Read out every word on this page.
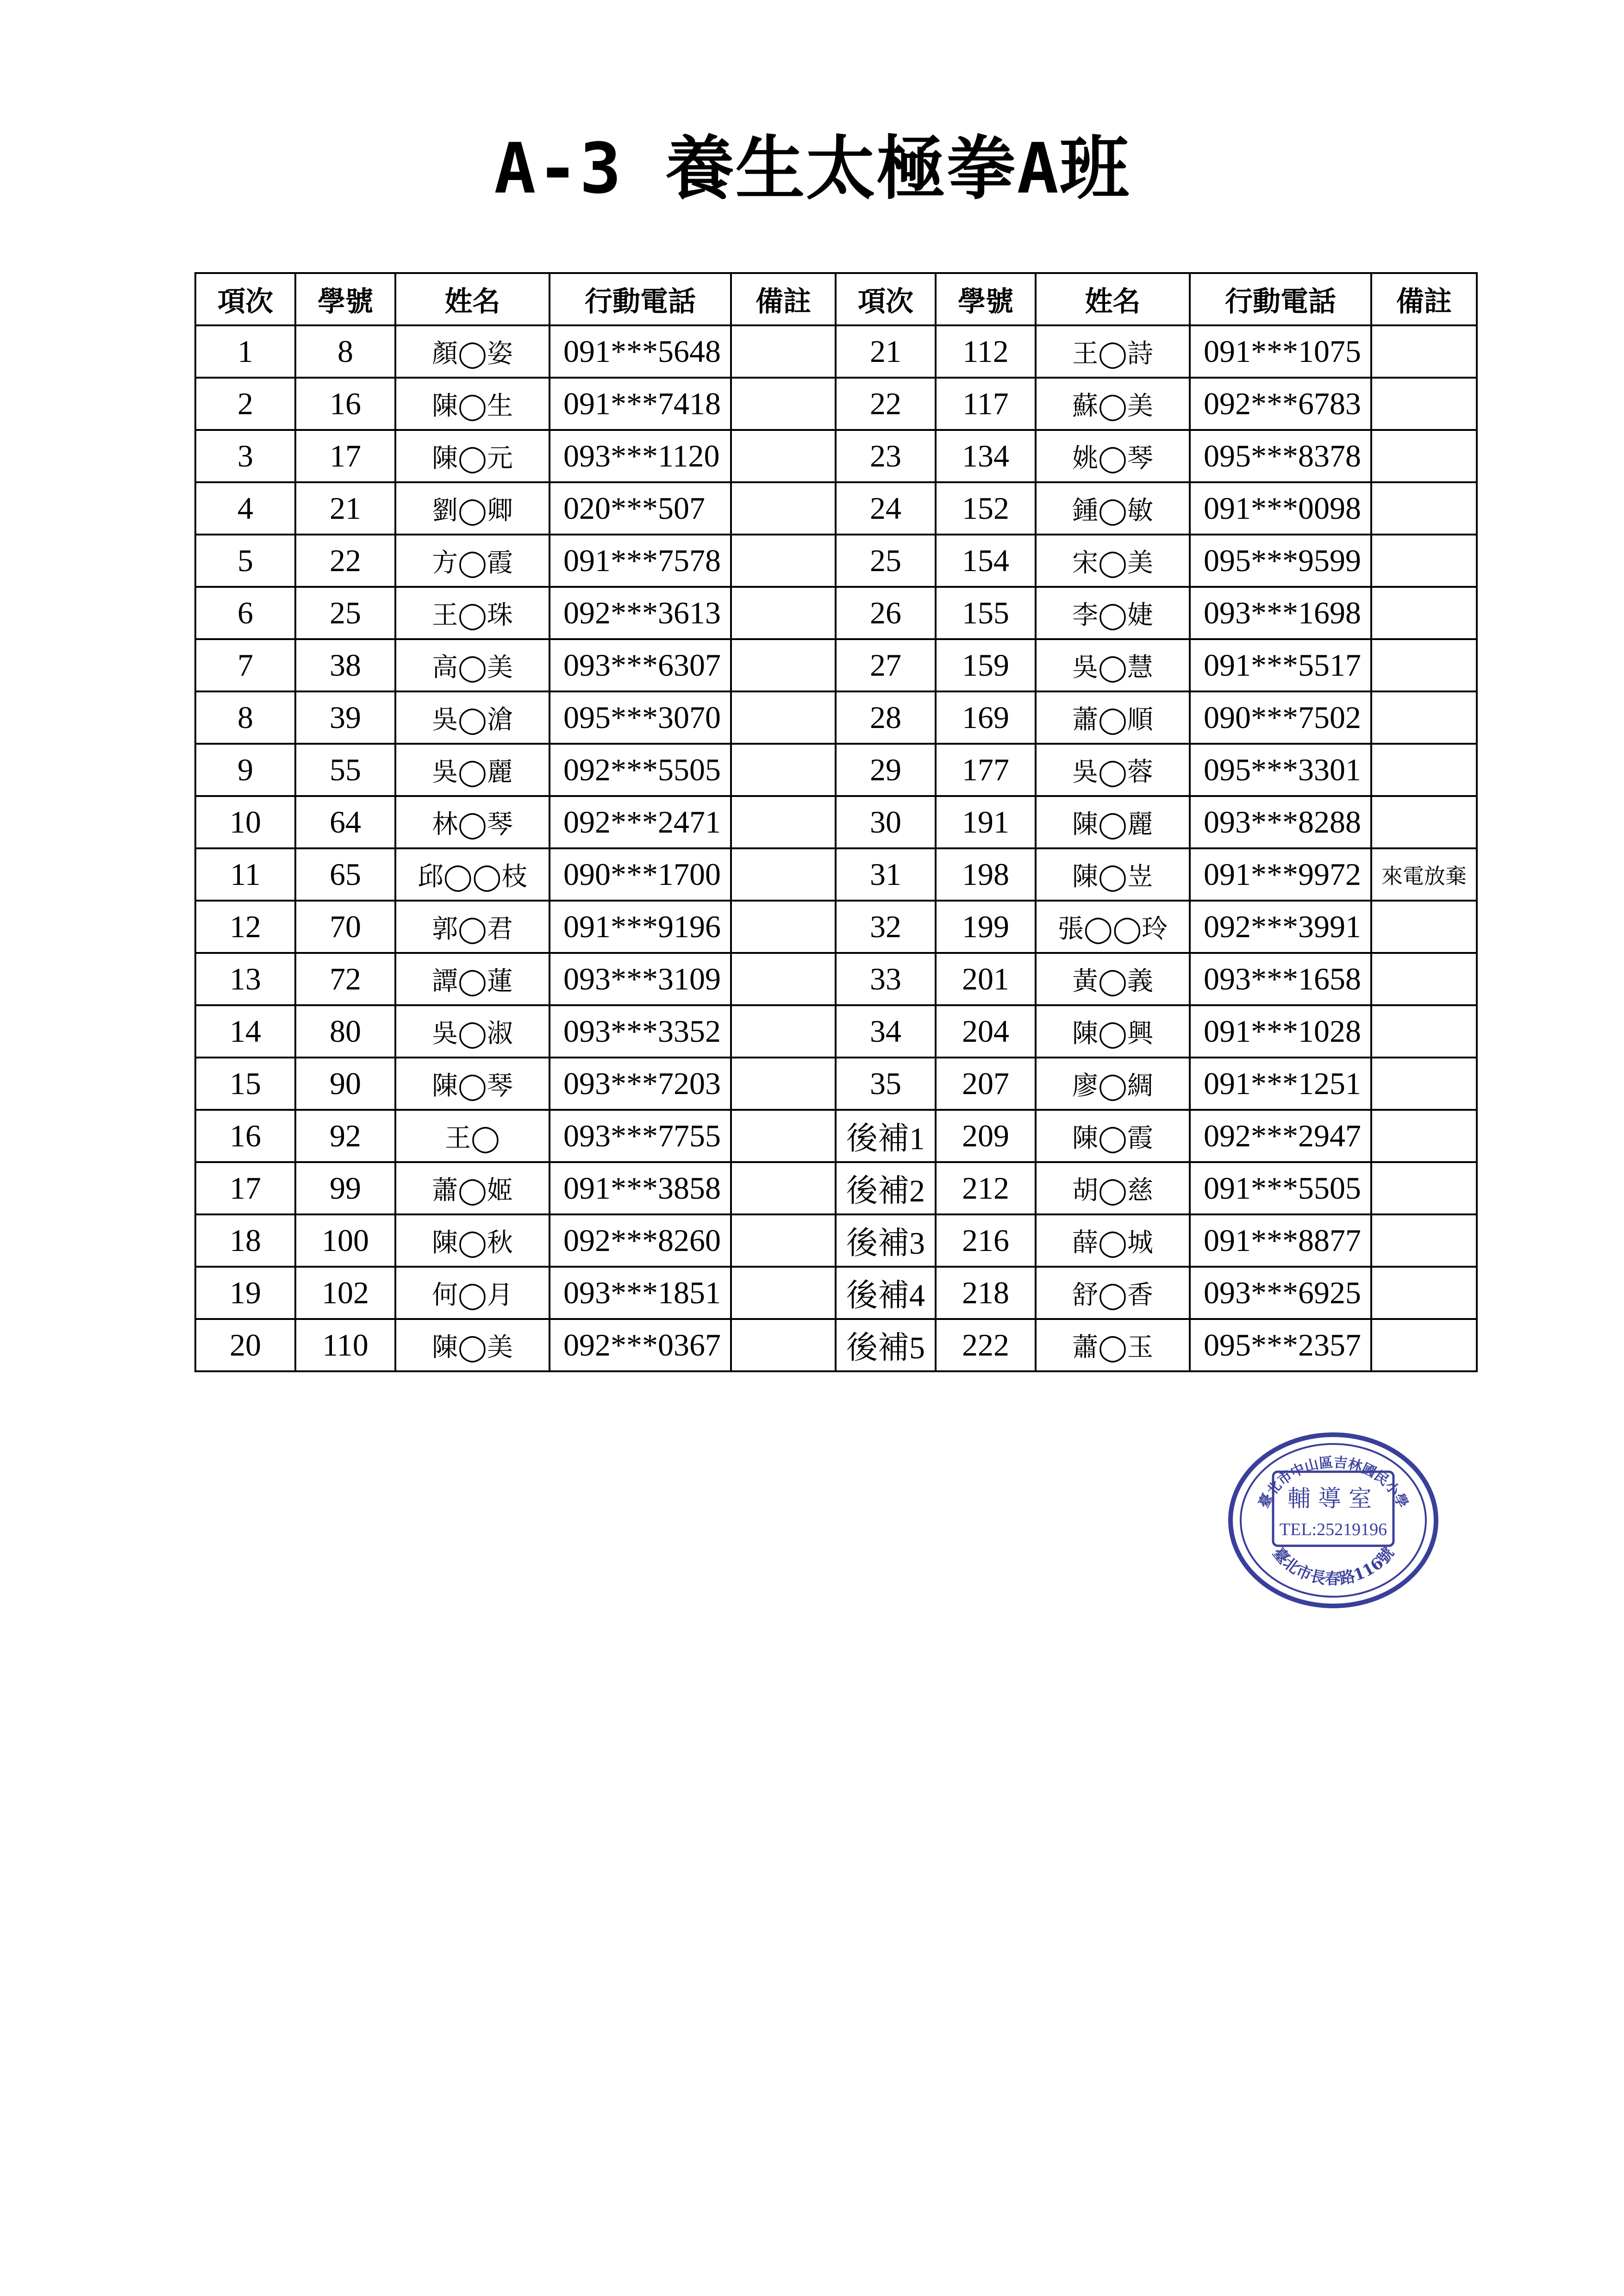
A-3 養生太極拳A班
項次	學號	姓名	行動電話	備註	項次	學號	姓名	行動電話	備註
1	8	顏◯姿	091***5648		21	112	王◯詩	091***1075	
2	16	陳◯生	091***7418		22	117	蘇◯美	092***6783	
3	17	陳◯元	093***1120		23	134	姚◯琴	095***8378	
4	21	劉◯卿	020***507		24	152	鍾◯敏	091***0098	
5	22	方◯霞	091***7578		25	154	宋◯美	095***9599	
6	25	王◯珠	092***3613		26	155	李◯婕	093***1698	
7	38	高◯美	093***6307		27	159	吳◯慧	091***5517	
8	39	吳◯滄	095***3070		28	169	蕭◯順	090***7502	
9	55	吳◯麗	092***5505		29	177	吳◯蓉	095***3301	
10	64	林◯琴	092***2471		30	191	陳◯麗	093***8288	
11	65	邱◯◯枝	090***1700		31	198	陳◯岦	091***9972	來電放棄
12	70	郭◯君	091***9196		32	199	張◯◯玲	092***3991	
13	72	譚◯蓮	093***3109		33	201	黃◯義	093***1658	
14	80	吳◯淑	093***3352		34	204	陳◯興	091***1028	
15	90	陳◯琴	093***7203		35	207	廖◯綢	091***1251	
16	92	王◯	093***7755		後補1	209	陳◯霞	092***2947	
17	99	蕭◯姬	091***3858		後補2	212	胡◯慈	091***5505	
18	100	陳◯秋	092***8260		後補3	216	薛◯城	091***8877	
19	102	何◯月	093***1851		後補4	218	舒◯香	093***6925	
20	110	陳◯美	092***0367		後補5	222	蕭◯玉	095***2357	
臺北市中山區吉林國民小學
輔導室
TEL:25219196
臺北市長春路116號
